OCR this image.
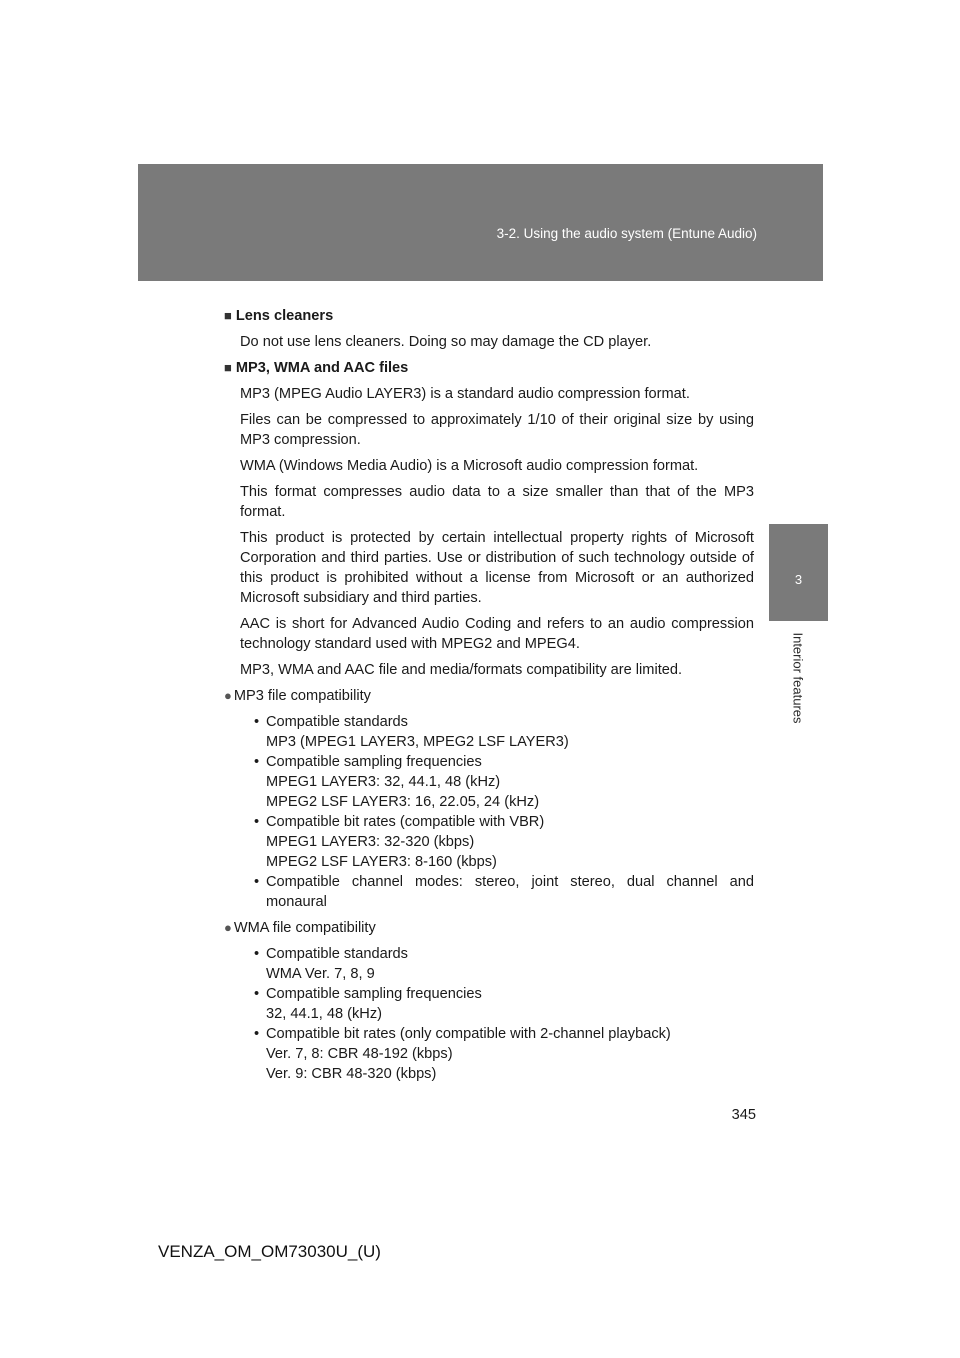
3-2. Using the audio system (Entune Audio)
3
Interior features
■ Lens cleaners

Do not use lens cleaners. Doing so may damage the CD player.

■ MP3, WMA and AAC files

MP3 (MPEG Audio LAYER3) is a standard audio compression format.

Files can be compressed to approximately 1/10 of their original size by using MP3 compression.

WMA (Windows Media Audio) is a Microsoft audio compression format.

This format compresses audio data to a size smaller than that of the MP3 format.

This product is protected by certain intellectual property rights of Microsoft Corporation and third parties. Use or distribution of such technology outside of this product is prohibited without a license from Microsoft or an authorized Microsoft subsidiary and third parties.

AAC is short for Advanced Audio Coding and refers to an audio compression technology standard used with MPEG2 and MPEG4.

MP3, WMA and AAC file and media/formats compatibility are limited.

● MP3 file compatibility
• Compatible standards
MP3 (MPEG1 LAYER3, MPEG2 LSF LAYER3)
• Compatible sampling frequencies
MPEG1 LAYER3: 32, 44.1, 48 (kHz)
MPEG2 LSF LAYER3: 16, 22.05, 24 (kHz)
• Compatible bit rates (compatible with VBR)
MPEG1 LAYER3: 32-320 (kbps)
MPEG2 LSF LAYER3: 8-160 (kbps)
• Compatible channel modes: stereo, joint stereo, dual channel and monaural
● WMA file compatibility
• Compatible standards
WMA Ver. 7, 8, 9
• Compatible sampling frequencies
32, 44.1, 48 (kHz)
• Compatible bit rates (only compatible with 2-channel playback)
Ver. 7, 8: CBR 48-192 (kbps)
Ver. 9: CBR 48-320 (kbps)
345
VENZA_OM_OM73030U_(U)
